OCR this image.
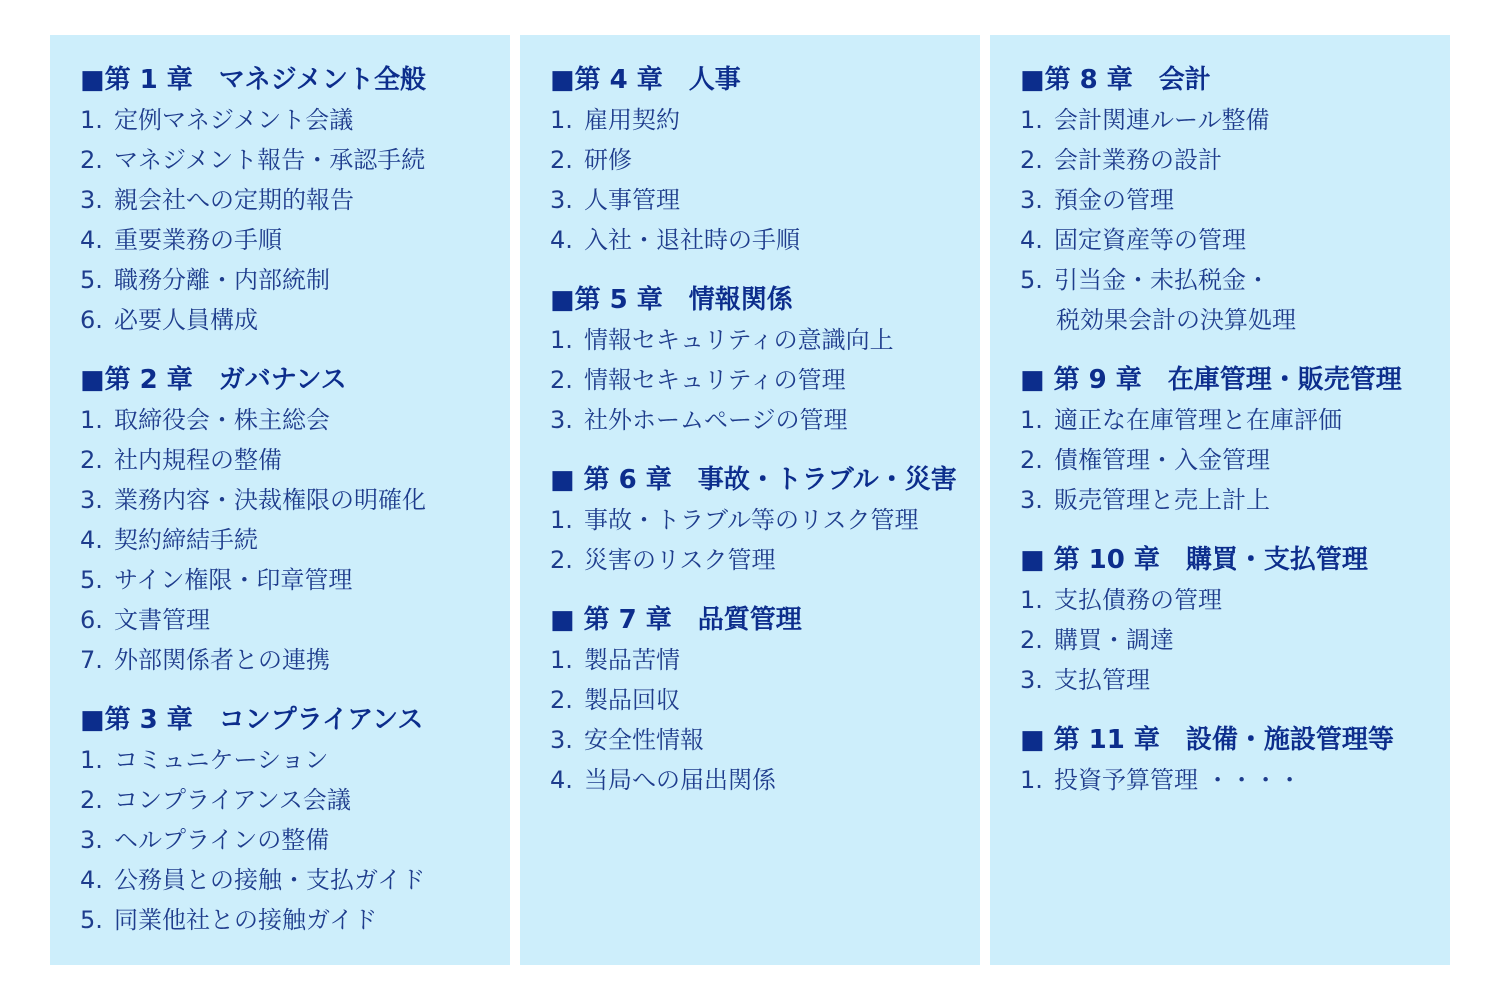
■第 1 章　マネジメント全般
1. 定例マネジメント会議
2. マネジメント報告・承認手続
3. 親会社への定期的報告
4. 重要業務の手順
5. 職務分離・内部統制
6. 必要人員構成
■第 2 章　ガバナンス
1. 取締役会・株主総会
2. 社内規程の整備
3. 業務内容・決裁権限の明確化
4. 契約締結手続
5. サイン権限・印章管理
6. 文書管理
7. 外部関係者との連携
■第 3 章　コンプライアンス
1. コミュニケーション
2. コンプライアンス会議
3. ヘルプラインの整備
4. 公務員との接触・支払ガイド
5. 同業他社との接触ガイド
■第 4 章　人事
1. 雇用契約
2. 研修
3. 人事管理
4. 入社・退社時の手順
■第 5 章　情報関係
1. 情報セキュリティの意識向上
2. 情報セキュリティの管理
3. 社外ホームページの管理
■ 第 6 章　事故・トラブル・災害
1. 事故・トラブル等のリスク管理
2. 災害のリスク管理
■ 第 7 章　品質管理
1. 製品苦情
2. 製品回収
3. 安全性情報
4. 当局への届出関係
■第 8 章　会計
1. 会計関連ルール整備
2. 会計業務の設計
3. 預金の管理
4. 固定資産等の管理
5. 引当金・未払税金・
税効果会計の決算処理
■ 第 9 章　在庫管理・販売管理
1. 適正な在庫管理と在庫評価
2. 債権管理・入金管理
3. 販売管理と売上計上
■ 第 10 章　購買・支払管理
1. 支払債務の管理
2. 購買・調達
3. 支払管理
■ 第 11 章　設備・施設管理等
1. 投資予算管理 ・・・・
